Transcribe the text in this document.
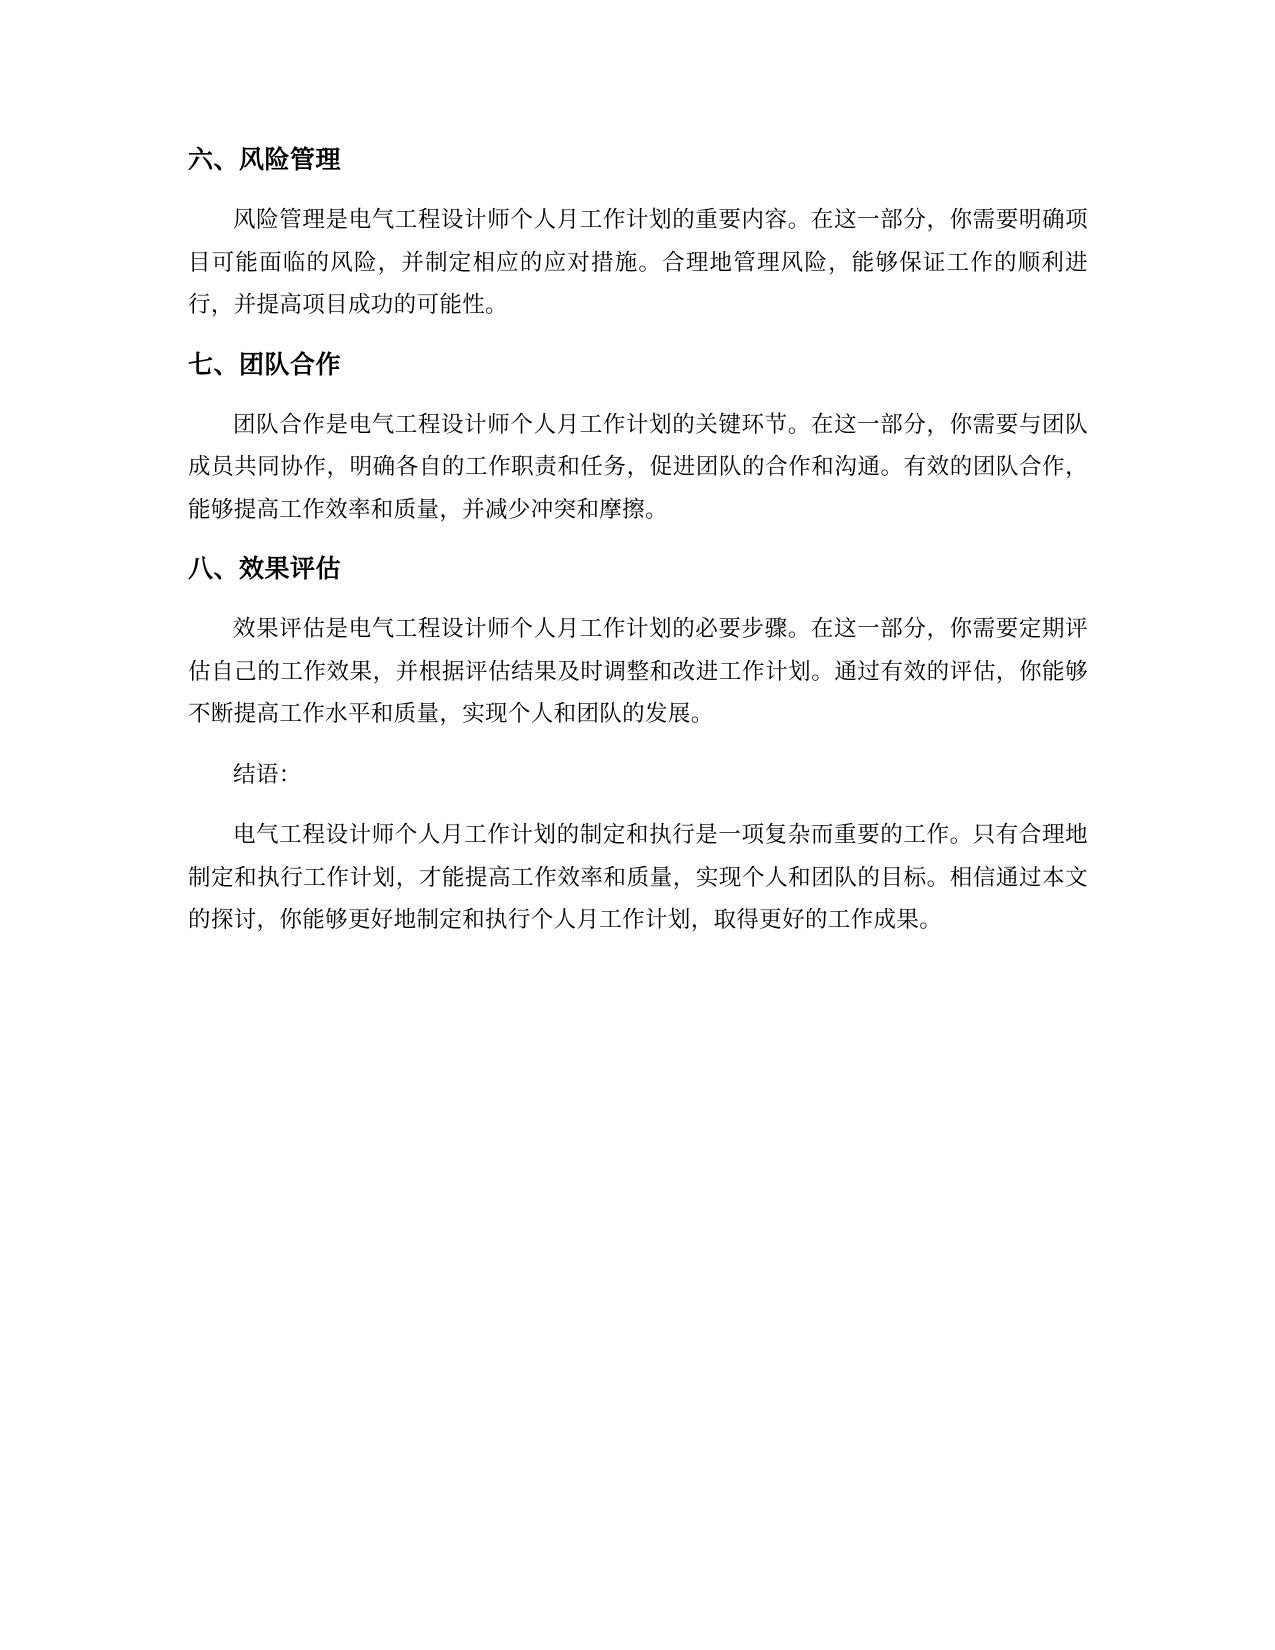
六、风险管理

风险管理是电气工程设计师个人月工作计划的重要内容。在这一部分，你需要明确项目可能面临的风险，并制定相应的应对措施。合理地管理风险，能够保证工作的顺利进行，并提高项目成功的可能性。

七、团队合作

团队合作是电气工程设计师个人月工作计划的关键环节。在这一部分，你需要与团队成员共同协作，明确各自的工作职责和任务，促进团队的合作和沟通。有效的团队合作，能够提高工作效率和质量，并减少冲突和摩擦。

八、效果评估

效果评估是电气工程设计师个人月工作计划的必要步骤。在这一部分，你需要定期评估自己的工作效果，并根据评估结果及时调整和改进工作计划。通过有效的评估，你能够不断提高工作水平和质量，实现个人和团队的发展。

结语：

电气工程设计师个人月工作计划的制定和执行是一项复杂而重要的工作。只有合理地制定和执行工作计划，才能提高工作效率和质量，实现个人和团队的目标。相信通过本文的探讨，你能够更好地制定和执行个人月工作计划，取得更好的工作成果。
